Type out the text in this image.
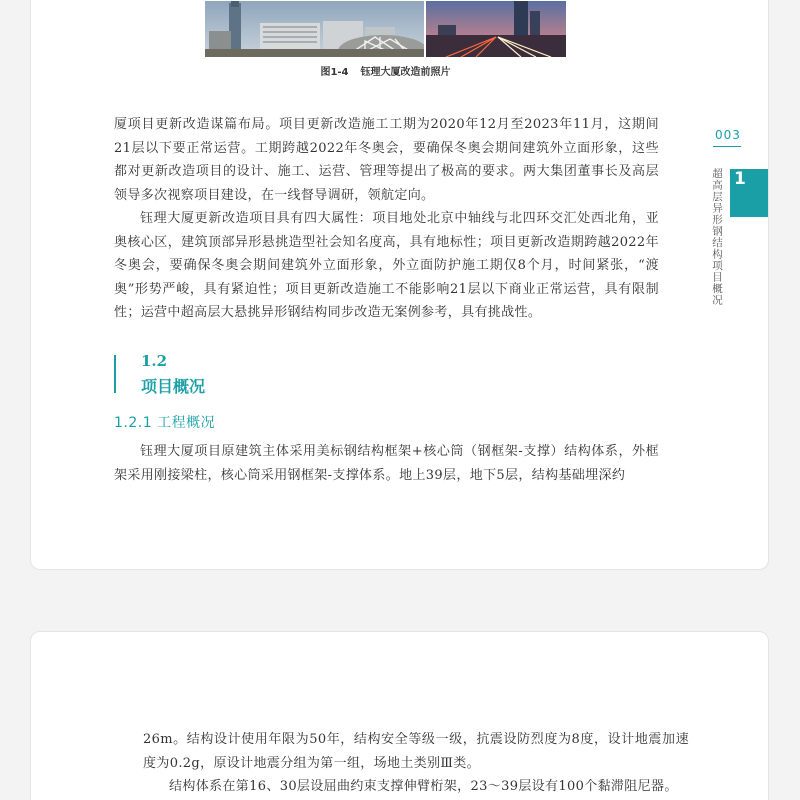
图1-4 钰理大厦改造前照片

厦项目更新改造谋篇布局。项目更新改造施工工期为2020年12月至2023年11月，这期间21层以下要正常运营。工期跨越2022年冬奥会，要确保冬奥会期间建筑外立面形象，这些都对更新改造项目的设计、施工、运营、管理等提出了极高的要求。两大集团董事长及高层领导多次视察项目建设，在一线督导调研，领航定向。

钰理大厦更新改造项目具有四大属性：项目地处北京中轴线与北四环交汇处西北角，亚奥核心区，建筑顶部异形悬挑造型社会知名度高，具有地标性；项目更新改造期跨越2022年冬奥会，要确保冬奥会期间建筑外立面形象，外立面防护施工期仅8个月，时间紧张，“渡奥”形势严峻，具有紧迫性；项目更新改造施工不能影响21层以下商业正常运营，具有限制性；运营中超高层大悬挑异形钢结构同步改造无案例参考，具有挑战性。

1.2
项目概况
1.2.1 工程概况

钰理大厦项目原建筑主体采用美标钢结构框架+核心筒（钢框架-支撑）结构体系，外框架采用刚接梁柱，核心筒采用钢框架-支撑体系。地上39层，地下5层，结构基础埋深约

003
1
超高层异形钢结构项目概况

26m。结构设计使用年限为50年，结构安全等级一级，抗震设防烈度为8度，设计地震加速度为0.2g，原设计地震分组为第一组，场地土类别Ⅲ类。

结构体系在第16、30层设屈曲约束支撑伸臂桁架，23～39层设有100个黏滞阻尼器。
